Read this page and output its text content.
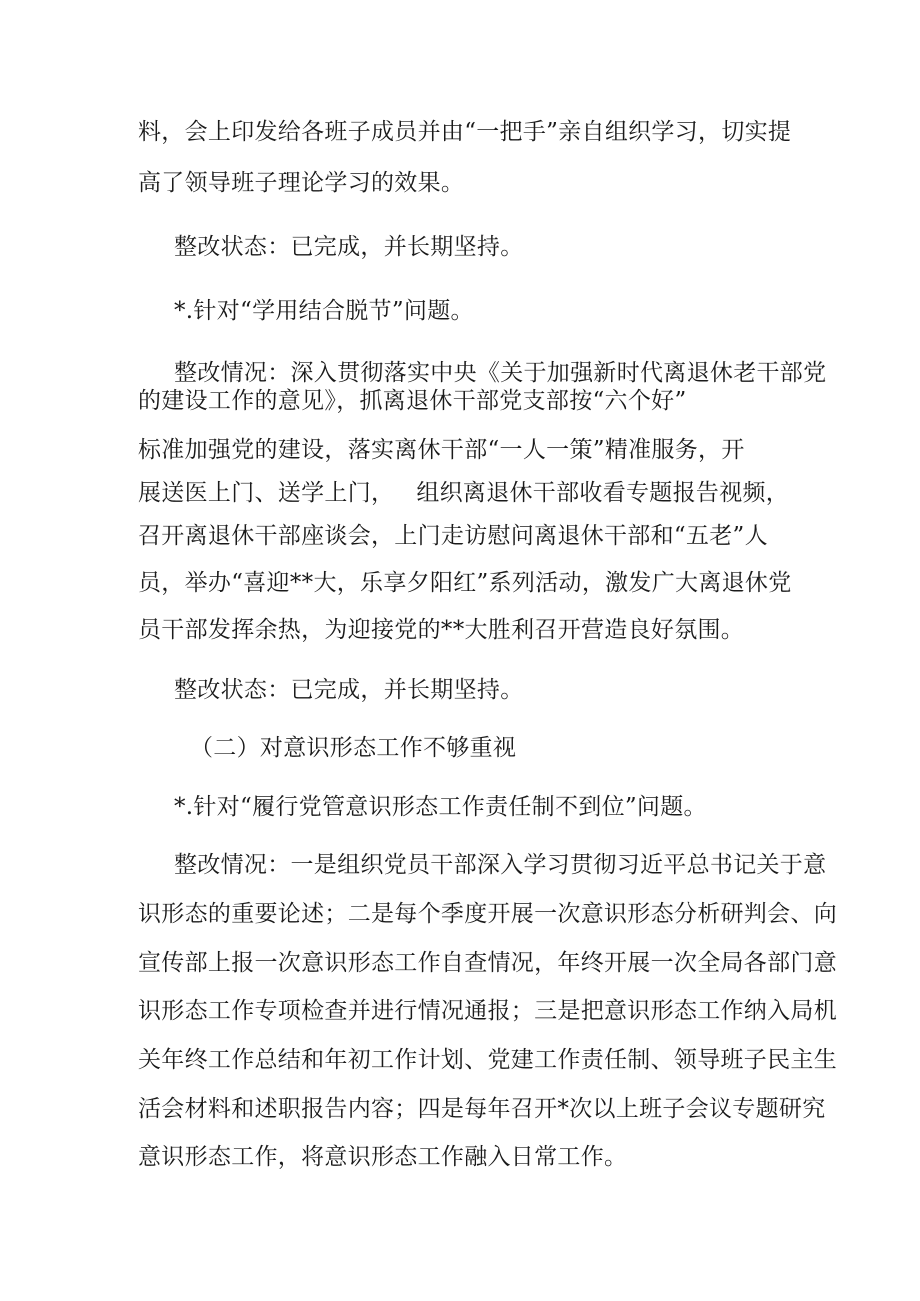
料，会上印发给各班子成员并由“一把手”亲自组织学习，切实提

高了领导班子理论学习的效果。

整改状态：已完成，并长期坚持。

*.针对“学用结合脱节”问题。

整改情况：深入贯彻落实中央《关于加强新时代离退休老干部党

的建设工作的意见》，抓离退休干部党支部按“六个好”

标准加强党的建设，落实离休干部“一人一策”精准服务，开

展送医上门、送学上门， 组织离退休干部收看专题报告视频，

召开离退休干部座谈会，上门走访慰问离退休干部和“五老”人

员，举办“喜迎**大，乐享夕阳红”系列活动，激发广大离退休党

员干部发挥余热，为迎接党的**大胜利召开营造良好氛围。

整改状态：已完成，并长期坚持。

（二）对意识形态工作不够重视

*.针对“履行党管意识形态工作责任制不到位”问题。

整改情况：一是组织党员干部深入学习贯彻习近平总书记关于意

识形态的重要论述；二是每个季度开展一次意识形态分析研判会、向

宣传部上报一次意识形态工作自查情况，年终开展一次全局各部门意

识形态工作专项检查并进行情况通报；三是把意识形态工作纳入局机

关年终工作总结和年初工作计划、党建工作责任制、领导班子民主生

活会材料和述职报告内容；四是每年召开*次以上班子会议专题研究

意识形态工作，将意识形态工作融入日常工作。
